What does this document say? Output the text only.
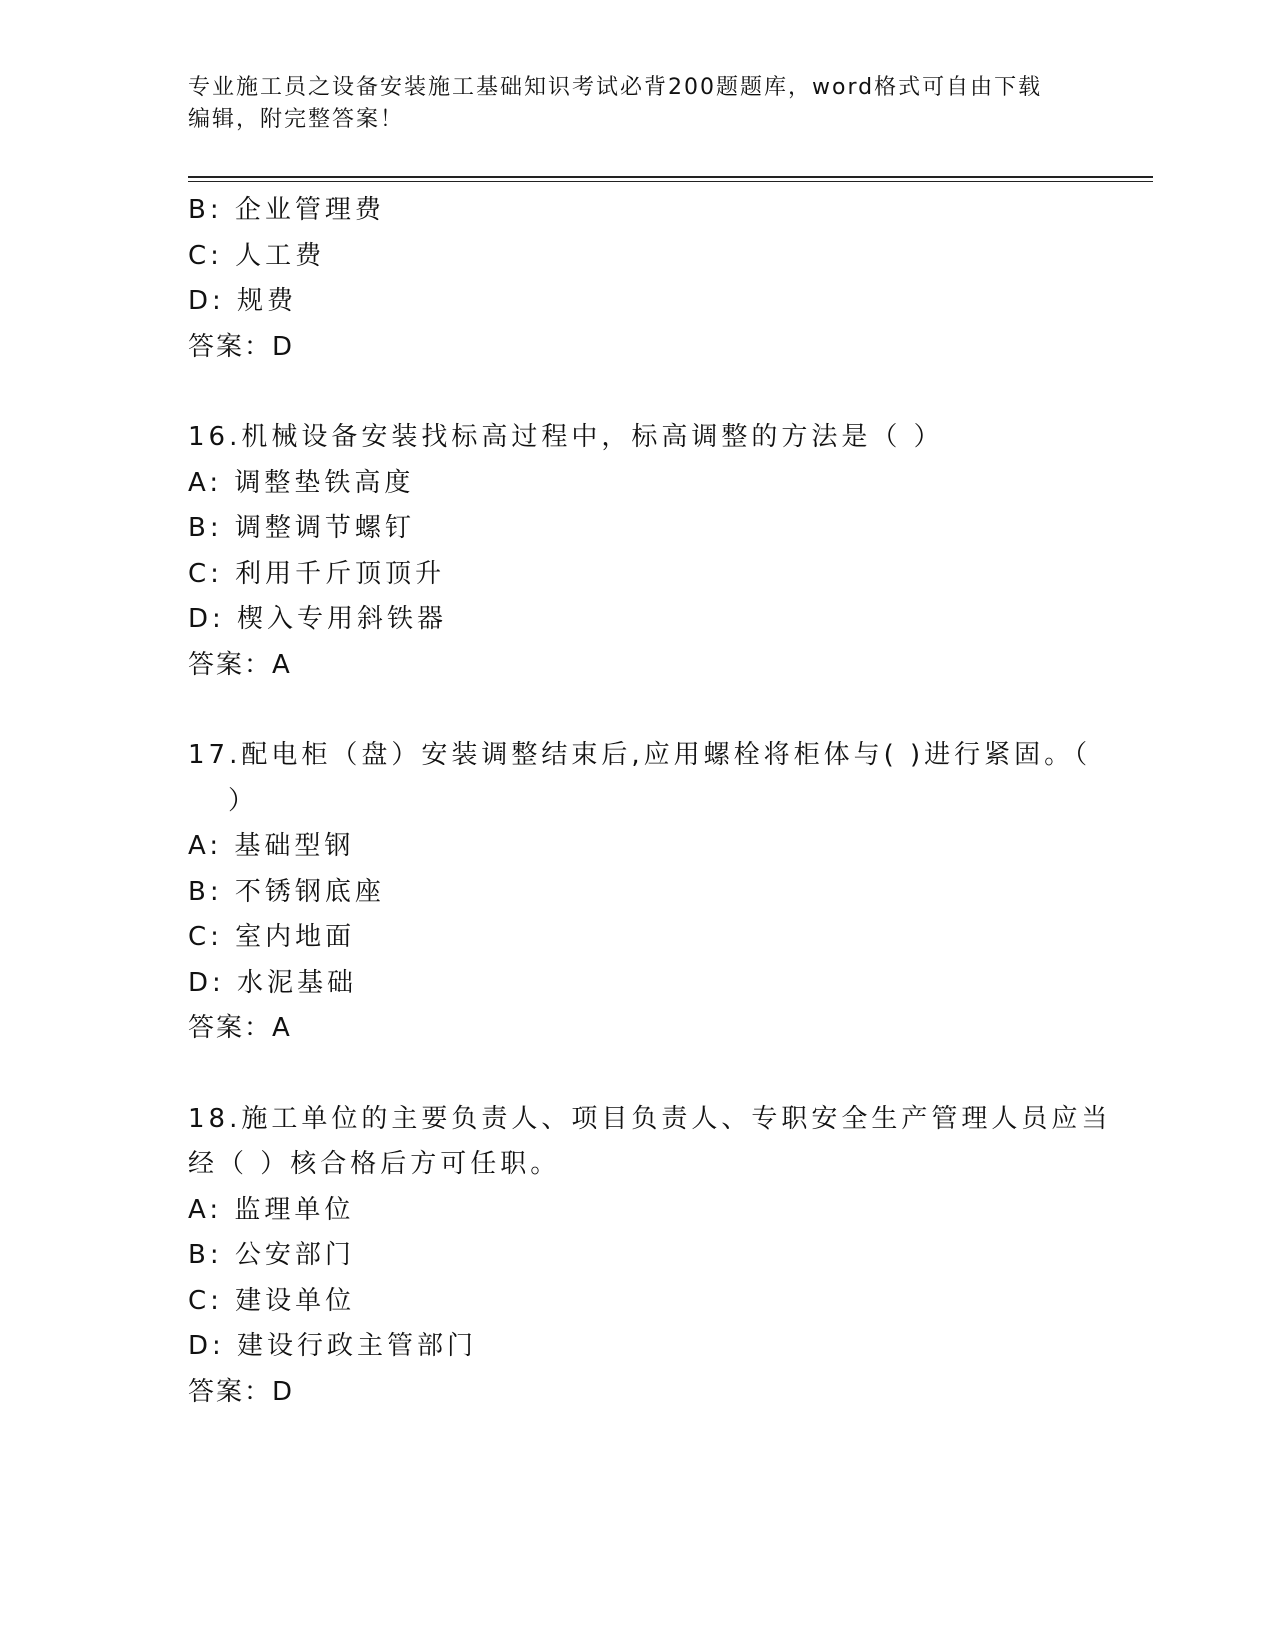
专业施工员之设备安装施工基础知识考试必背200题题库，word格式可自由下载
编辑，附完整答案！
B: 企业管理费
C: 人工费
D: 规费
答案：D
16.机械设备安装找标高过程中，标高调整的方法是（ ）
A: 调整垫铁高度
B: 调整调节螺钉
C: 利用千斤顶顶升
D: 楔入专用斜铁器
答案：A
17.配电柜（盘）安装调整结束后,应用螺栓将柜体与( )进行紧固。（
）
A: 基础型钢
B: 不锈钢底座
C: 室内地面
D: 水泥基础
答案：A
18.施工单位的主要负责人、项目负责人、专职安全生产管理人员应当
经（ ）核合格后方可任职。
A: 监理单位
B: 公安部门
C: 建设单位
D: 建设行政主管部门
答案：D
